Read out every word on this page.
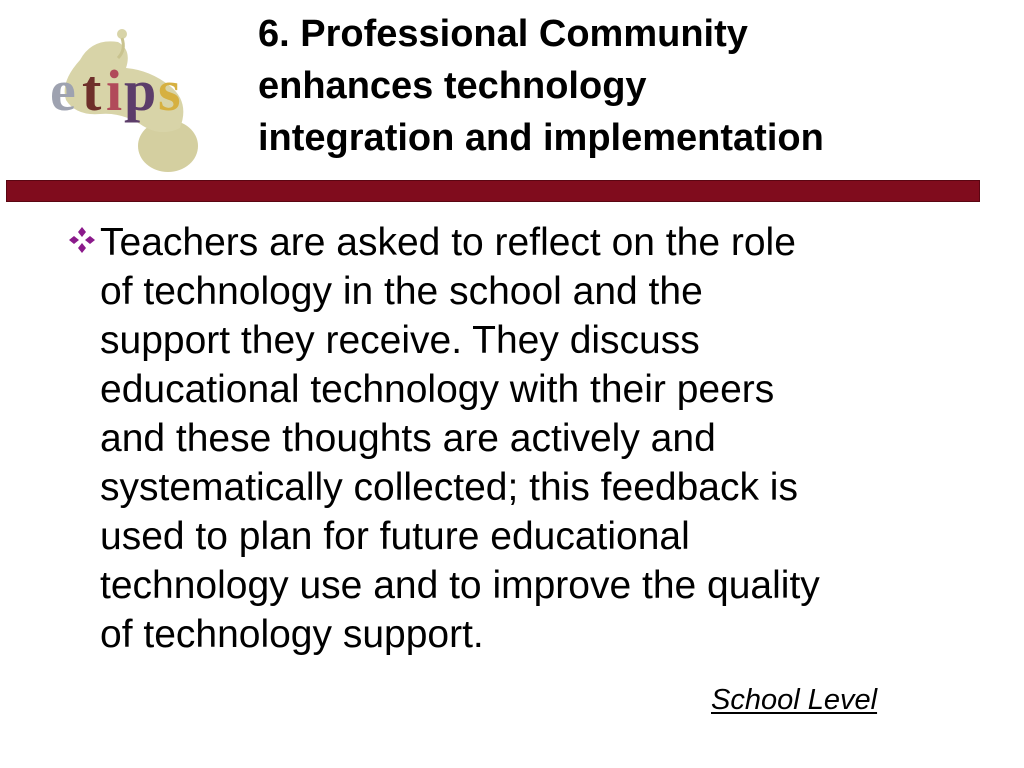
e t i p s
6. Professional Community
enhances technology
integration and implementation

Teachers are asked to reflect on the role
of technology in the school and the
support they receive. They discuss
educational technology with their peers
and these thoughts are actively and
systematically collected; this feedback is
used to plan for future educational
technology use and to improve the quality
of technology support.

School Level
